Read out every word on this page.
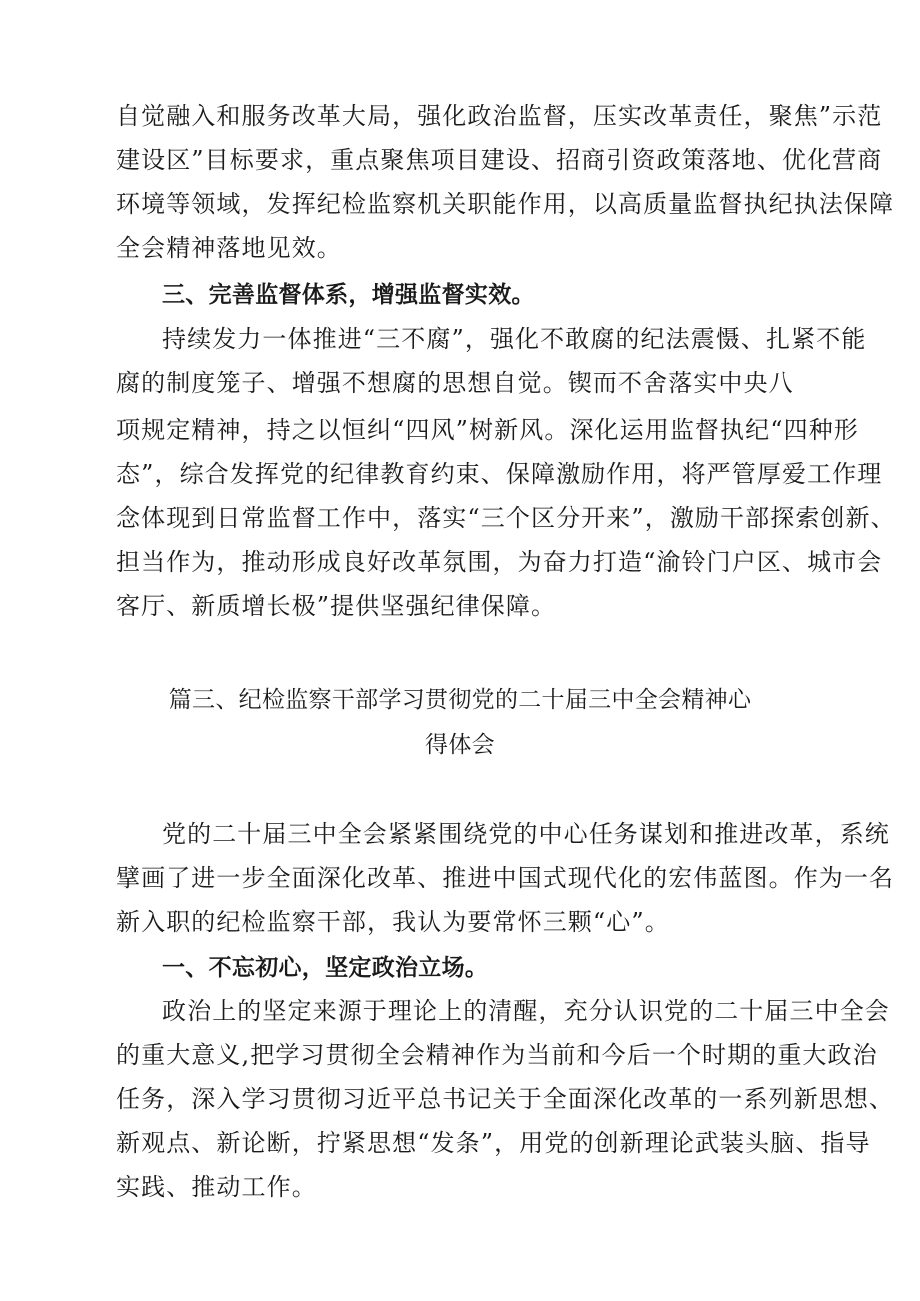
自觉融入和服务改革大局，强化政治监督，压实改革责任，聚焦”示范
建设区”目标要求，重点聚焦项目建设、招商引资政策落地、优化营商
环境等领域，发挥纪检监察机关职能作用，以高质量监督执纪执法保障
全会精神落地见效。
三、完善监督体系，增强监督实效。
持续发力一体推进“三不腐”，强化不敢腐的纪法震慑、扎紧不能
腐的制度笼子、增强不想腐的思想自觉。锲而不舍落实中央八
项规定精神，持之以恒纠“四风”树新风。深化运用监督执纪“四种形
态”，综合发挥党的纪律教育约束、保障激励作用，将严管厚爱工作理
念体现到日常监督工作中，落实“三个区分开来”，激励干部探索创新、
担当作为，推动形成良好改革氛围，为奋力打造“渝铃门户区、城市会
客厅、新质增长极”提供坚强纪律保障。
篇三、纪检监察干部学习贯彻党的二十届三中全会精神心
得体会
党的二十届三中全会紧紧围绕党的中心任务谋划和推进改革，系统
擘画了进一步全面深化改革、推进中国式现代化的宏伟蓝图。作为一名
新入职的纪检监察干部，我认为要常怀三颗“心”。
一、不忘初心，坚定政治立场。
政治上的坚定来源于理论上的清醒，充分认识党的二十届三中全会
的重大意义,把学习贯彻全会精神作为当前和今后一个时期的重大政治
任务，深入学习贯彻习近平总书记关于全面深化改革的一系列新思想、
新观点、新论断，拧紧思想“发条”，用党的创新理论武装头脑、指导
实践、推动工作。
